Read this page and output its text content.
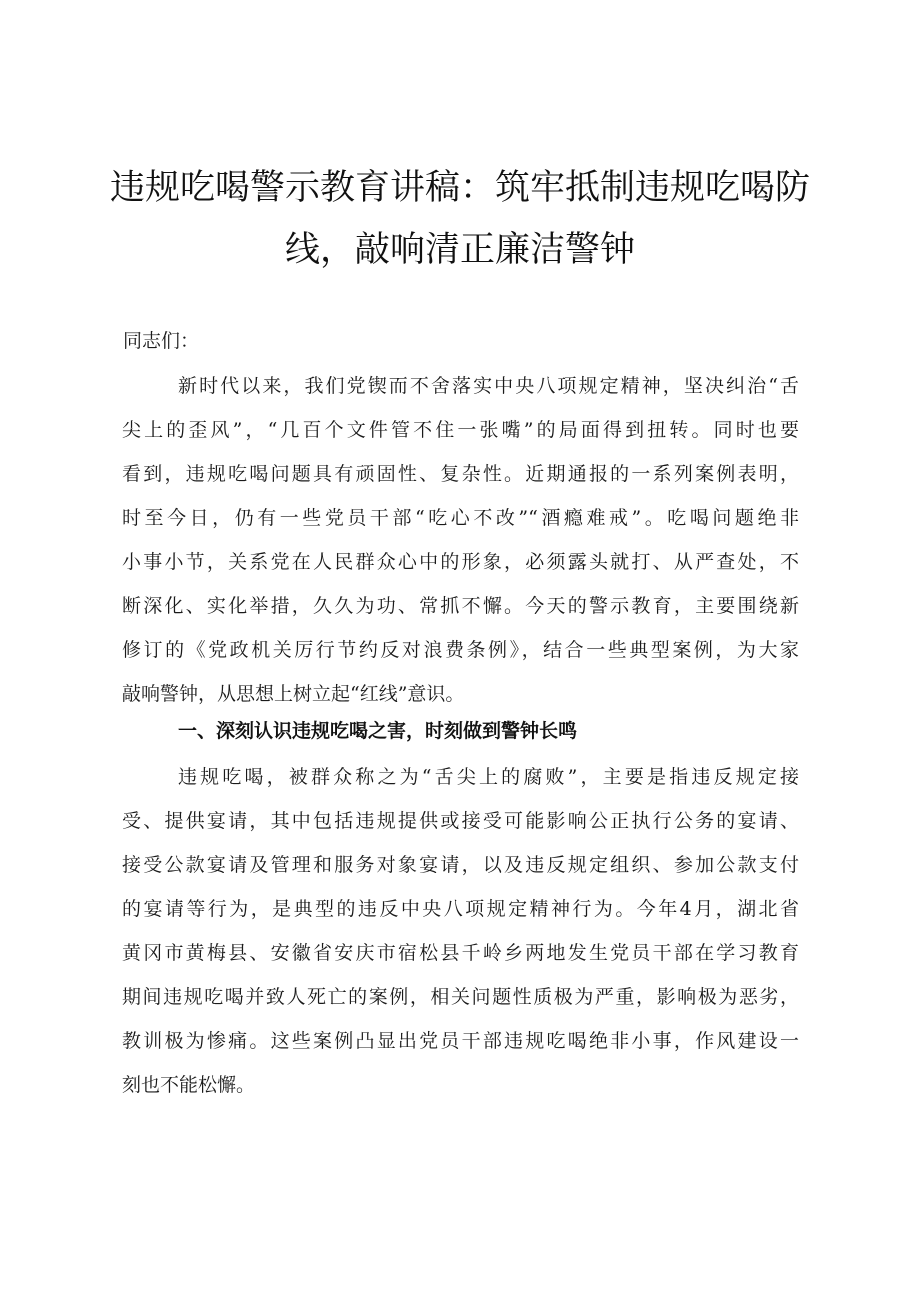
违规吃喝警示教育讲稿：筑牢抵制违规吃喝防
线，敲响清正廉洁警钟
同志们：
新时代以来，我们党锲而不舍落实中央八项规定精神，坚决纠治“舌
尖上的歪风”，“几百个文件管不住一张嘴”的局面得到扭转。同时也要
看到，违规吃喝问题具有顽固性、复杂性。近期通报的一系列案例表明，
时至今日，仍有一些党员干部“吃心不改”“酒瘾难戒”。吃喝问题绝非
小事小节，关系党在人民群众心中的形象，必须露头就打、从严查处，不
断深化、实化举措，久久为功、常抓不懈。今天的警示教育，主要围绕新
修订的《党政机关厉行节约反对浪费条例》，结合一些典型案例，为大家
敲响警钟，从思想上树立起“红线”意识。
一、深刻认识违规吃喝之害，时刻做到警钟长鸣
违规吃喝，被群众称之为“舌尖上的腐败”，主要是指违反规定接
受、提供宴请，其中包括违规提供或接受可能影响公正执行公务的宴请、
接受公款宴请及管理和服务对象宴请，以及违反规定组织、参加公款支付
的宴请等行为，是典型的违反中央八项规定精神行为。今年4月，湖北省
黄冈市黄梅县、安徽省安庆市宿松县千岭乡两地发生党员干部在学习教育
期间违规吃喝并致人死亡的案例，相关问题性质极为严重，影响极为恶劣，
教训极为惨痛。这些案例凸显出党员干部违规吃喝绝非小事，作风建设一
刻也不能松懈。
